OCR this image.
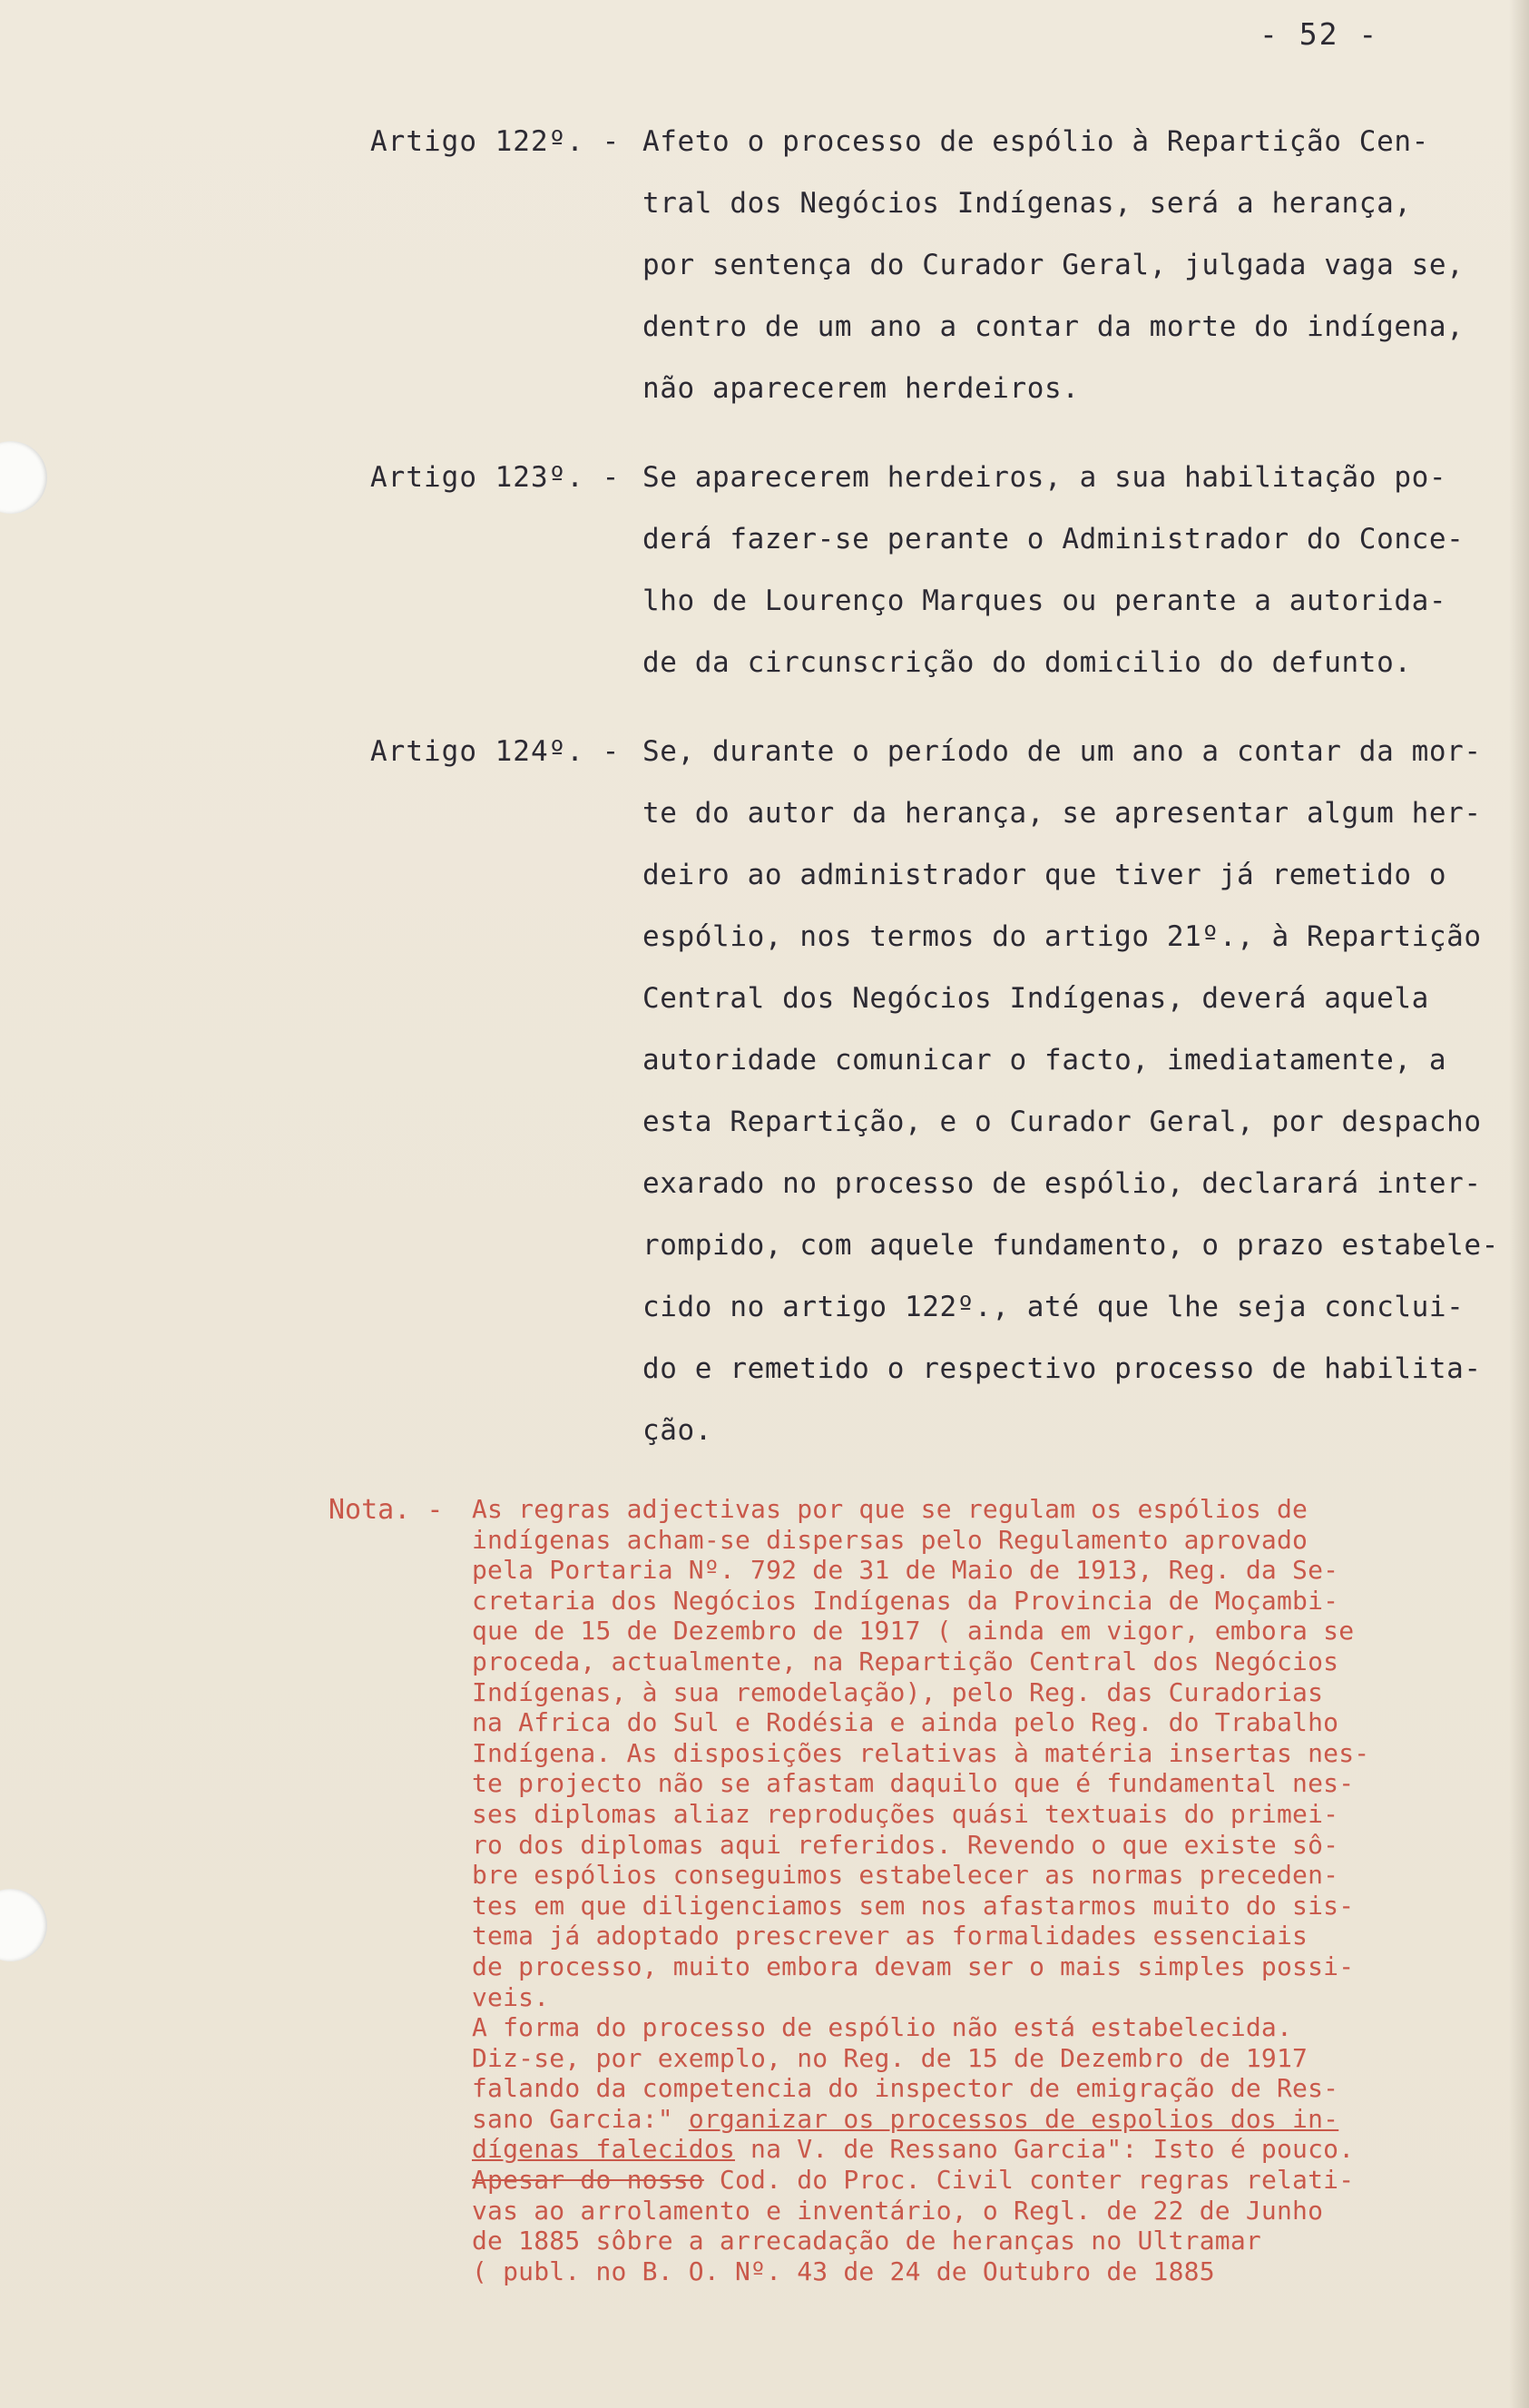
- 52 -
Artigo 122º. - Afeto o processo de espólio à Repartição Cen-
tral dos Negócios Indígenas, será a herança,
por sentença do Curador Geral, julgada vaga se,
dentro de um ano a contar da morte do indígena,
não aparecerem herdeiros.
Artigo 123º. - Se aparecerem herdeiros, a sua habilitação po-
derá fazer-se perante o Administrador do Conce-
lho de Lourenço Marques ou perante a autorida-
de da circunscrição do domicilio do defunto.
Artigo 124º. - Se, durante o período de um ano a contar da mor-
te do autor da herança, se apresentar algum her-
deiro ao administrador que tiver já remetido o
espólio, nos termos do artigo 21º., à Repartição
Central dos Negócios Indígenas, deverá aquela
autoridade comunicar o facto, imediatamente, a
esta Repartição, e o Curador Geral, por despacho
exarado no processo de espólio, declarará inter-
rompido, com aquele fundamento, o prazo estabele-
cido no artigo 122º., até que lhe seja conclui-
do e remetido o respectivo processo de habilita-
ção.
Nota. - As regras adjectivas por que se regulam os espólios de
indígenas acham-se dispersas pelo Regulamento aprovado
pela Portaria Nº. 792 de 31 de Maio de 1913, Reg. da Se-
cretaria dos Negócios Indígenas da Provincia de Moçambi-
que de 15 de Dezembro de 1917 ( ainda em vigor, embora se
proceda, actualmente, na Repartição Central dos Negócios
Indígenas, à sua remodelação), pelo Reg. das Curadorias
na Africa do Sul e Rodésia e ainda pelo Reg. do Trabalho
Indígena. As disposições relativas à matéria insertas nes-
te projecto não se afastam daquilo que é fundamental nes-
ses diplomas aliaz reproduções quási textuais do primei-
ro dos diplomas aqui referidos. Revendo o que existe sô-
bre espólios conseguimos estabelecer as normas preceden-
tes em que diligenciamos sem nos afastarmos muito do sis-
tema já adoptado prescrever as formalidades essenciais
de processo, muito embora devam ser o mais simples possi-
veis.
A forma do processo de espólio não está estabelecida.
Diz-se, por exemplo, no Reg. de 15 de Dezembro de 1917
falando da competencia do inspector de emigração de Res-
sano Garcia:" organizar os processos de espolios dos in-
dígenas falecidos na V. de Ressano Garcia": Isto é pouco.
Apesar do nosso Cod. do Proc. Civil conter regras relati-
vas ao arrolamento e inventário, o Regl. de 22 de Junho
de 1885 sôbre a arrecadação de heranças no Ultramar
( publ. no B. O. Nº. 43 de 24 de Outubro de 1885
